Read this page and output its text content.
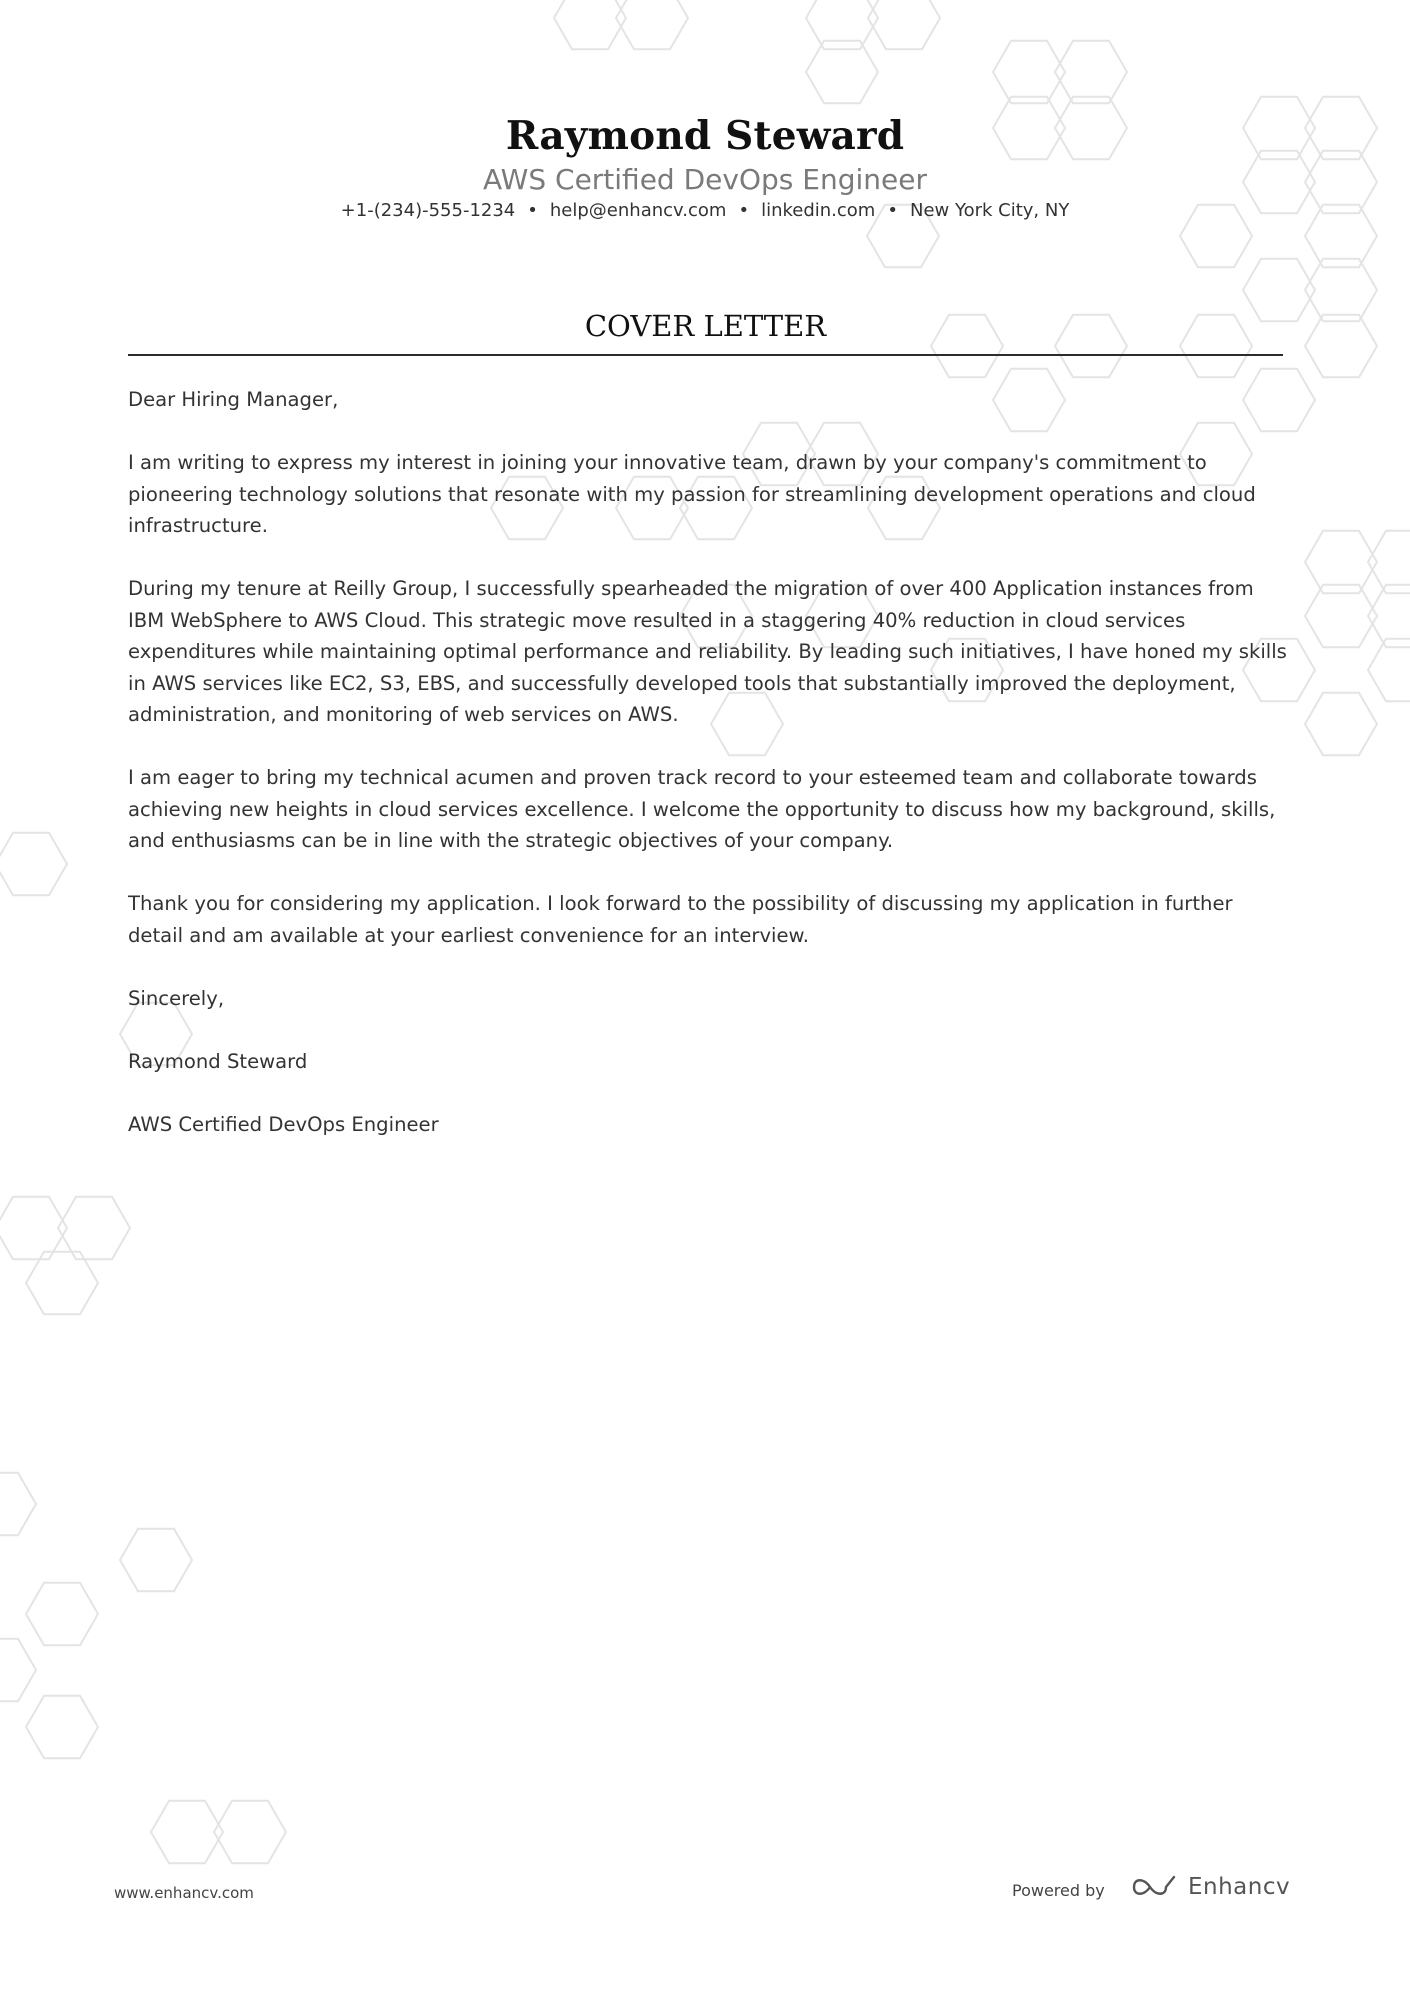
Raymond Steward
AWS Certified DevOps Engineer
+1-(234)-555-1234 • help@enhancv.com • linkedin.com • New York City, NY
COVER LETTER

Dear Hiring Manager,

I am writing to express my interest in joining your innovative team, drawn by your company's commitment to pioneering technology solutions that resonate with my passion for streamlining development operations and cloud infrastructure.

During my tenure at Reilly Group, I successfully spearheaded the migration of over 400 Application instances from IBM WebSphere to AWS Cloud. This strategic move resulted in a staggering 40% reduction in cloud services expenditures while maintaining optimal performance and reliability. By leading such initiatives, I have honed my skills in AWS services like EC2, S3, EBS, and successfully developed tools that substantially improved the deployment, administration, and monitoring of web services on AWS.

I am eager to bring my technical acumen and proven track record to your esteemed team and collaborate towards achieving new heights in cloud services excellence. I welcome the opportunity to discuss how my background, skills, and enthusiasms can be in line with the strategic objectives of your company.

Thank you for considering my application. I look forward to the possibility of discussing my application in further detail and am available at your earliest convenience for an interview.

Sincerely,

Raymond Steward

AWS Certified DevOps Engineer

www.enhancv.com	Powered by	Enhancv
